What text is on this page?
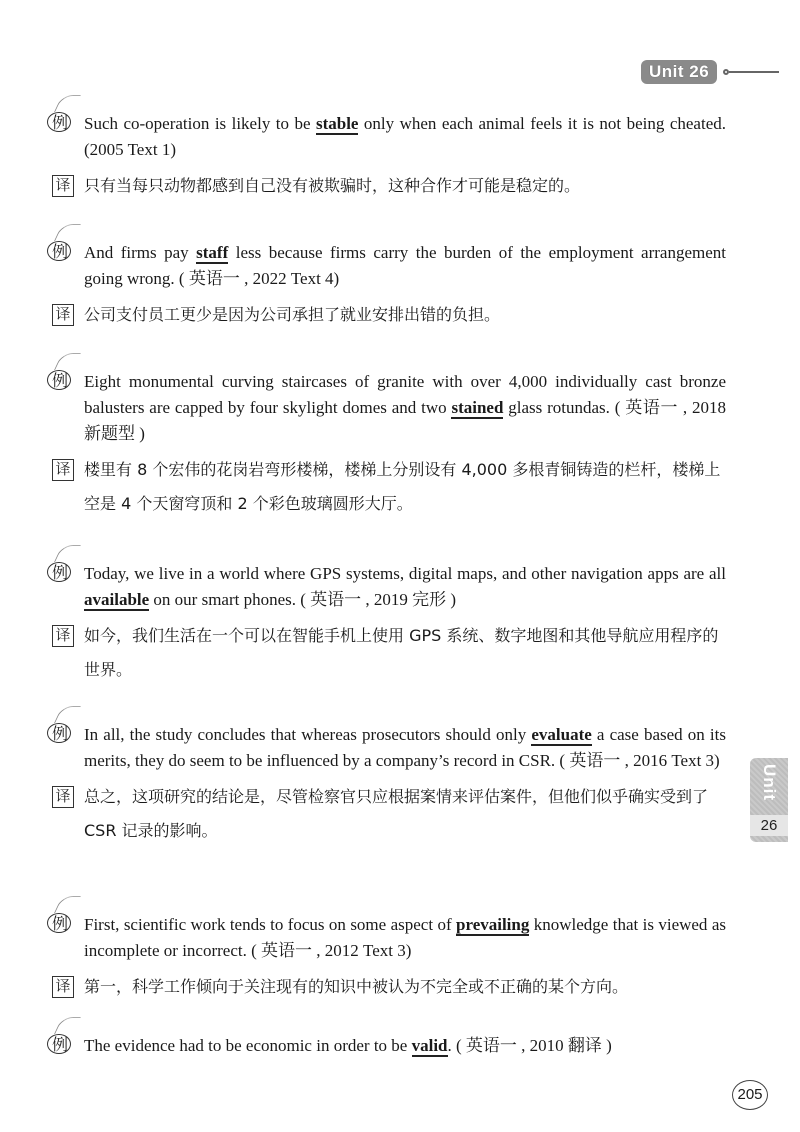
Unit 26
Unit
26
例 Such co-operation is likely to be stable only when each animal feels it is not being cheated. (2005 Text 1)
译 只有当每只动物都感到自己没有被欺骗时，这种合作才可能是稳定的。
例 And firms pay staff less because firms carry the burden of the employment arrangement going wrong. ( 英语一 , 2022 Text 4)
译 公司支付员工更少是因为公司承担了就业安排出错的负担。
例 Eight monumental curving staircases of granite with over 4,000 individually cast bronze balusters are capped by four skylight domes and two stained glass rotundas. ( 英语一 , 2018 新题型 )
译 楼里有 8 个宏伟的花岗岩弯形楼梯，楼梯上分别设有 4,000 多根青铜铸造的栏杆，楼梯上空是 4 个天窗穹顶和 2 个彩色玻璃圆形大厅。
例 Today, we live in a world where GPS systems, digital maps, and other navigation apps are all available on our smart phones. ( 英语一 , 2019 完形 )
译 如今，我们生活在一个可以在智能手机上使用 GPS 系统、数字地图和其他导航应用程序的世界。
例 In all, the study concludes that whereas prosecutors should only evaluate a case based on its merits, they do seem to be influenced by a company’s record in CSR. ( 英语一 , 2016 Text 3)
译 总之，这项研究的结论是，尽管检察官只应根据案情来评估案件，但他们似乎确实受到了 CSR 记录的影响。
例 First, scientific work tends to focus on some aspect of prevailing knowledge that is viewed as incomplete or incorrect. ( 英语一 , 2012 Text 3)
译 第一，科学工作倾向于关注现有的知识中被认为不完全或不正确的某个方向。
例 The evidence had to be economic in order to be valid. ( 英语一 , 2010 翻译 )
205
